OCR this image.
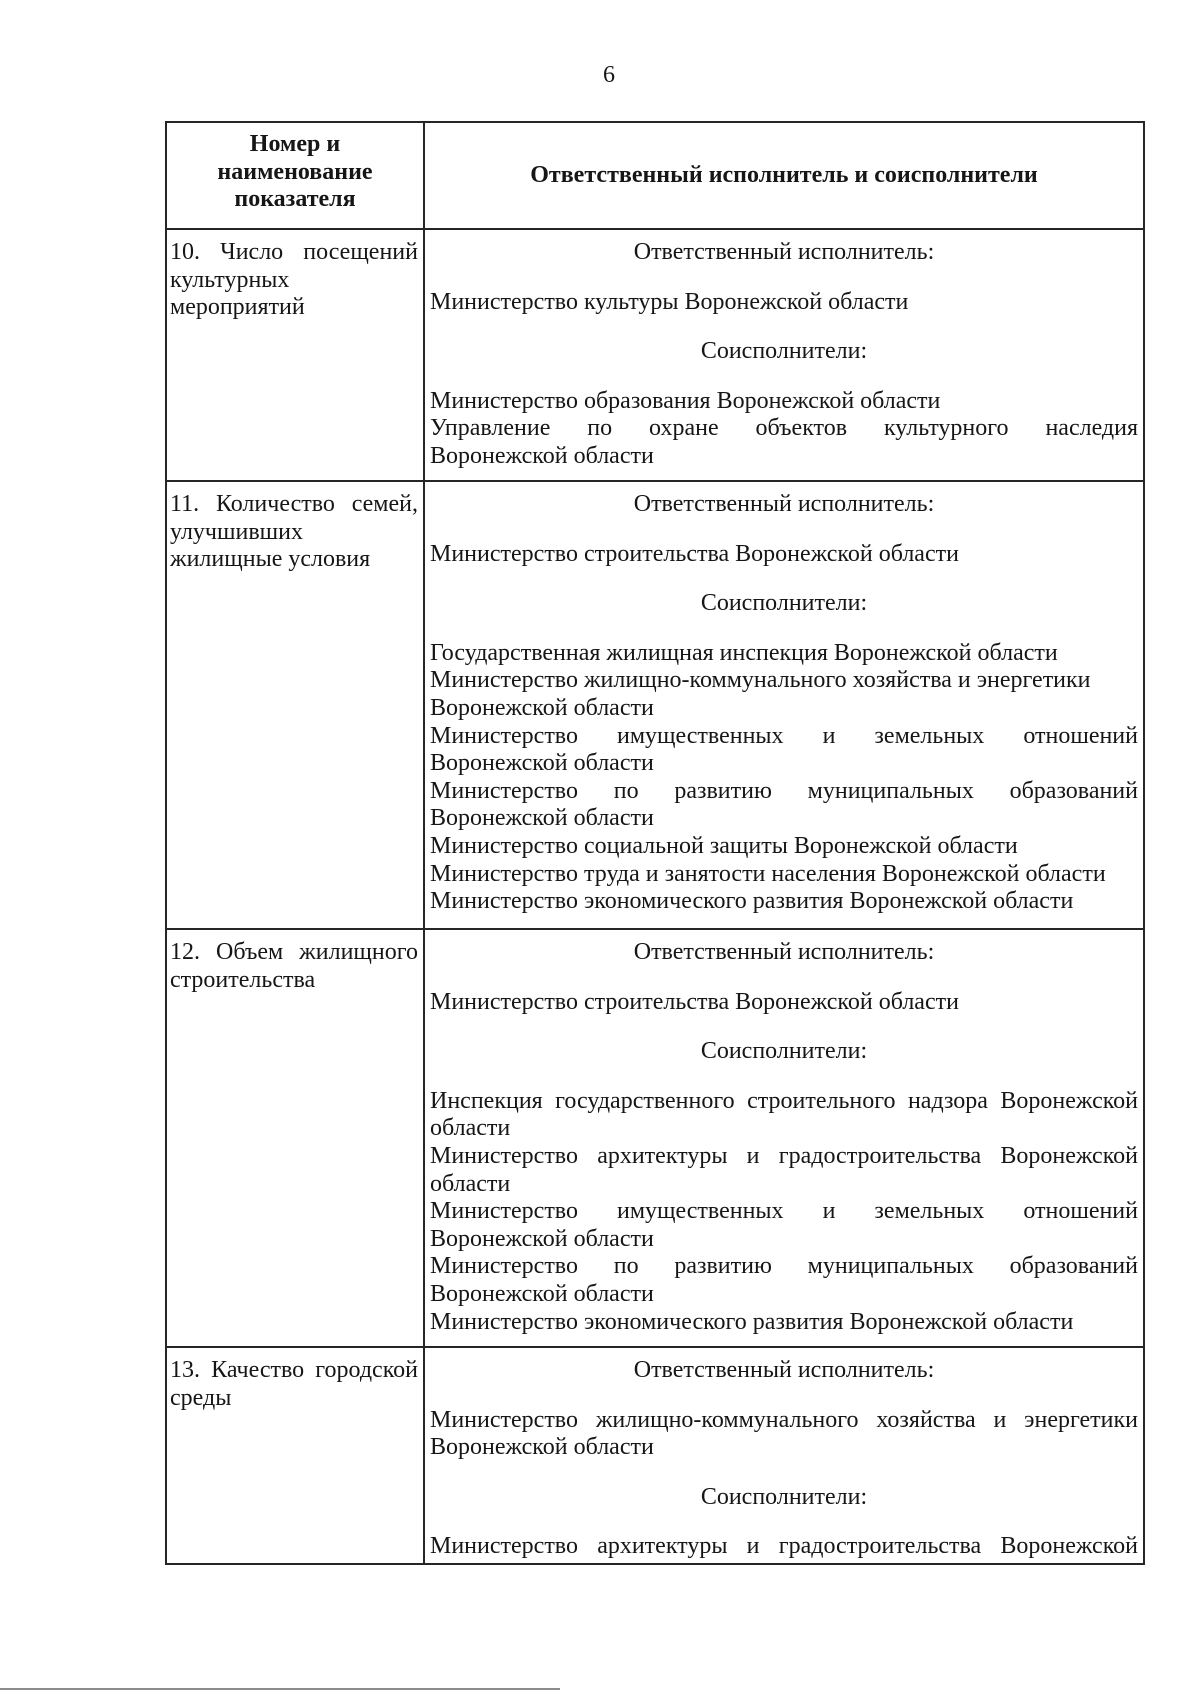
6
Номер и
наименование
показателя
Ответственный исполнитель и соисполнители
10. Число посещений
культурных
мероприятий
Ответственный исполнитель:
Министерство культуры Воронежской области
Соисполнители:
Министерство образования Воронежской области
Управление по охране объектов культурного наследия
Воронежской области
11. Количество семей,
улучшивших
жилищные условия
Ответственный исполнитель:
Министерство строительства Воронежской области
Соисполнители:
Государственная жилищная инспекция Воронежской области
Министерство жилищно-коммунального хозяйства и энергетики
Воронежской области
Министерство имущественных и земельных отношений
Воронежской области
Министерство по развитию муниципальных образований
Воронежской области
Министерство социальной защиты Воронежской области
Министерство труда и занятости населения Воронежской области
Министерство экономического развития Воронежской области
12. Объем жилищного
строительства
Ответственный исполнитель:
Министерство строительства Воронежской области
Соисполнители:
Инспекция государственного строительного надзора Воронежской
области
Министерство архитектуры и градостроительства Воронежской
области
Министерство имущественных и земельных отношений
Воронежской области
Министерство по развитию муниципальных образований
Воронежской области
Министерство экономического развития Воронежской области
13. Качество городской
среды
Ответственный исполнитель:
Министерство жилищно-коммунального хозяйства и энергетики
Воронежской области
Соисполнители:
Министерство архитектуры и градостроительства Воронежской
